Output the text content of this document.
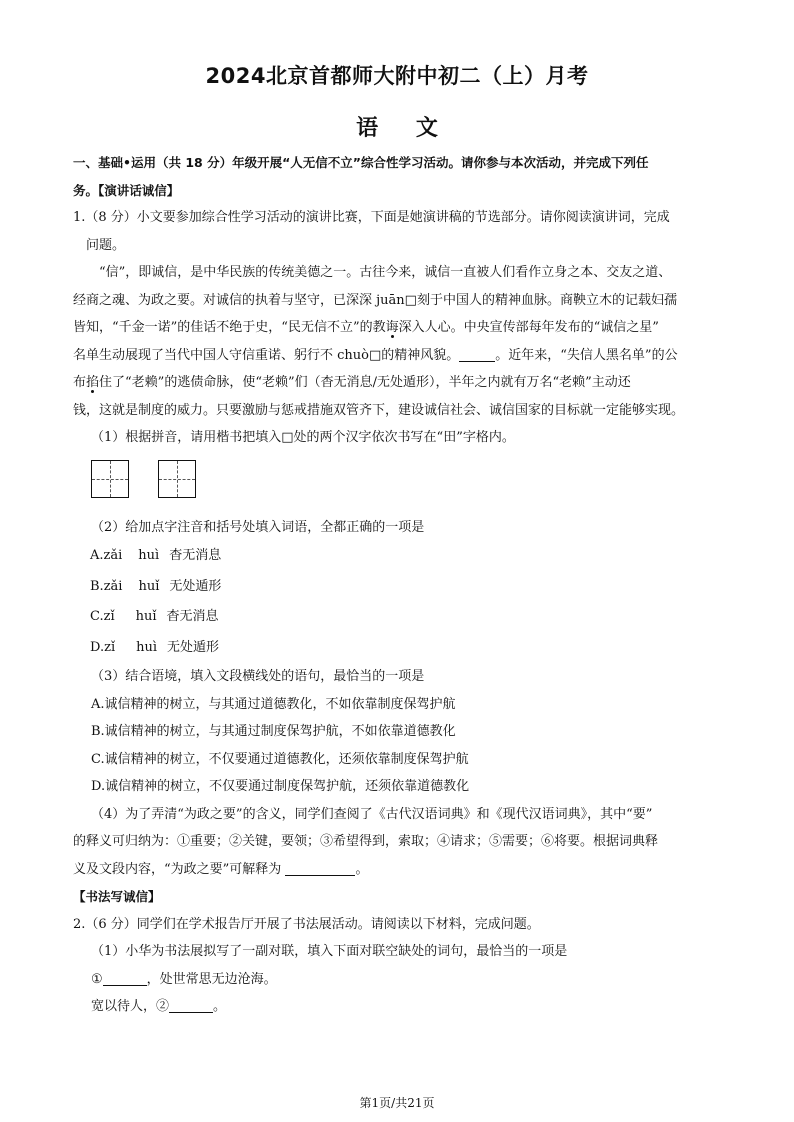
2024北京首都师大附中初二（上）月考
语 文
一、基础•运用（共 18 分）年级开展“人无信不立”综合性学习活动。请你参与本次活动，并完成下列任
务。【演讲话诚信】
1.（8 分）小文要参加综合性学习活动的演讲比赛，下面是她演讲稿的节选部分。请你阅读演讲词，完成
问题。
“信”，即诚信，是中华民族的传统美德之一。古往今来，诚信一直被人们看作立身之本、交友之道、
经商之魂、为政之要。对诚信的执着与坚守，已深深 juān□刻于中国人的精神血脉。商鞅立木的记载妇孺
皆知，“千金一诺”的佳话不绝于史，“民无信不立”的教诲深入人心。中央宣传部每年发布的“诚信之星”
名单生动展现了当代中国人守信重诺、躬行不 chuò□的精神风貌。	。近年来，“失信人黑名单”的公
布掐住了“老赖”的逃债命脉，使“老赖”们（杳无消息/无处遁形），半年之内就有万名“老赖”主动还
钱，这就是制度的威力。只要激励与惩戒措施双管齐下，建设诚信社会、诚信国家的目标就一定能够实现。
（1）根据拼音，请用楷书把填入□处的两个汉字依次书写在“田”字格内。
（2）给加点字注音和括号处填入词语，全都正确的一项是
A.zǎi huì 杳无消息
B.zǎi huǐ 无处遁形
C.zǐ huǐ 杳无消息
D.zǐ huì 无处遁形
（3）结合语境，填入文段横线处的语句，最恰当的一项是
A.诚信精神的树立，与其通过道德教化，不如依靠制度保驾护航
B.诚信精神的树立，与其通过制度保驾护航，不如依靠道德教化
C.诚信精神的树立，不仅要通过道德教化，还须依靠制度保驾护航
D.诚信精神的树立，不仅要通过制度保驾护航，还须依靠道德教化
（4）为了弄清“为政之要”的含义，同学们查阅了《古代汉语词典》和《现代汉语词典》，其中“要”
的释义可归纳为：①重要；②关键，要领；③希望得到，索取；④请求；⑤需要；⑥将要。根据词典释
义及文段内容，“为政之要”可解释为	。
【书法写诚信】
2.（6 分）同学们在学术报告厅开展了书法展活动。请阅读以下材料，完成问题。
（1）小华为书法展拟写了一副对联，填入下面对联空缺处的词句，最恰当的一项是
①	，处世常思无边沧海。
宽以待人，②	。
第1页/共21页
